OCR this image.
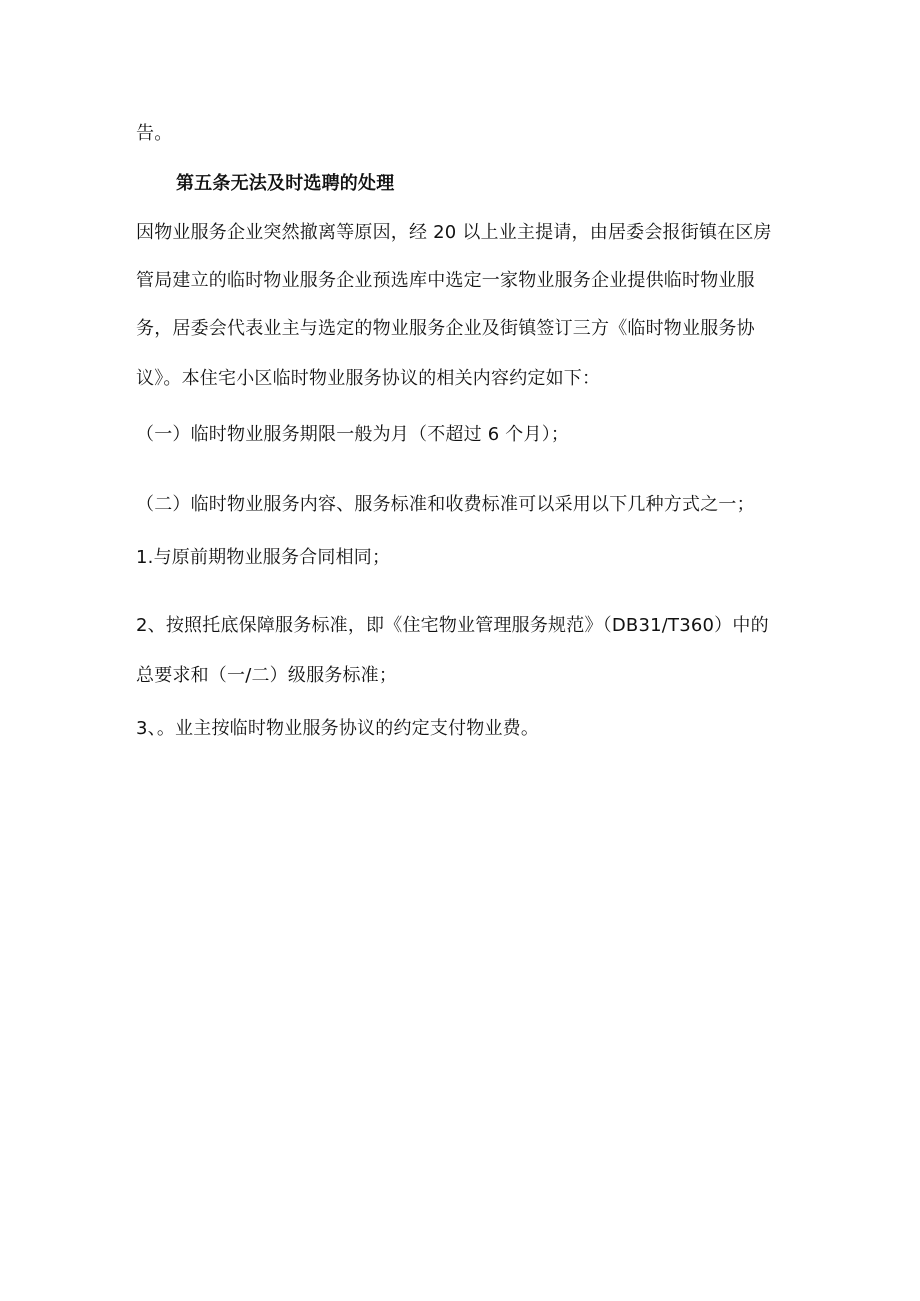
告。
第五条无法及时选聘的处理
因物业服务企业突然撤离等原因，经 20 以上业主提请，由居委会报街镇在区房
管局建立的临时物业服务企业预选库中选定一家物业服务企业提供临时物业服
务，居委会代表业主与选定的物业服务企业及街镇签订三方《临时物业服务协
议》。本住宅小区临时物业服务协议的相关内容约定如下：
（一）临时物业服务期限一般为月（不超过 6 个月）；
（二）临时物业服务内容、服务标准和收费标准可以采用以下几种方式之一；
1.与原前期物业服务合同相同；
2、按照托底保障服务标准，即《住宅物业管理服务规范》（DB31/T360）中的
总要求和（一/二）级服务标准；
3、。业主按临时物业服务协议的约定支付物业费。
